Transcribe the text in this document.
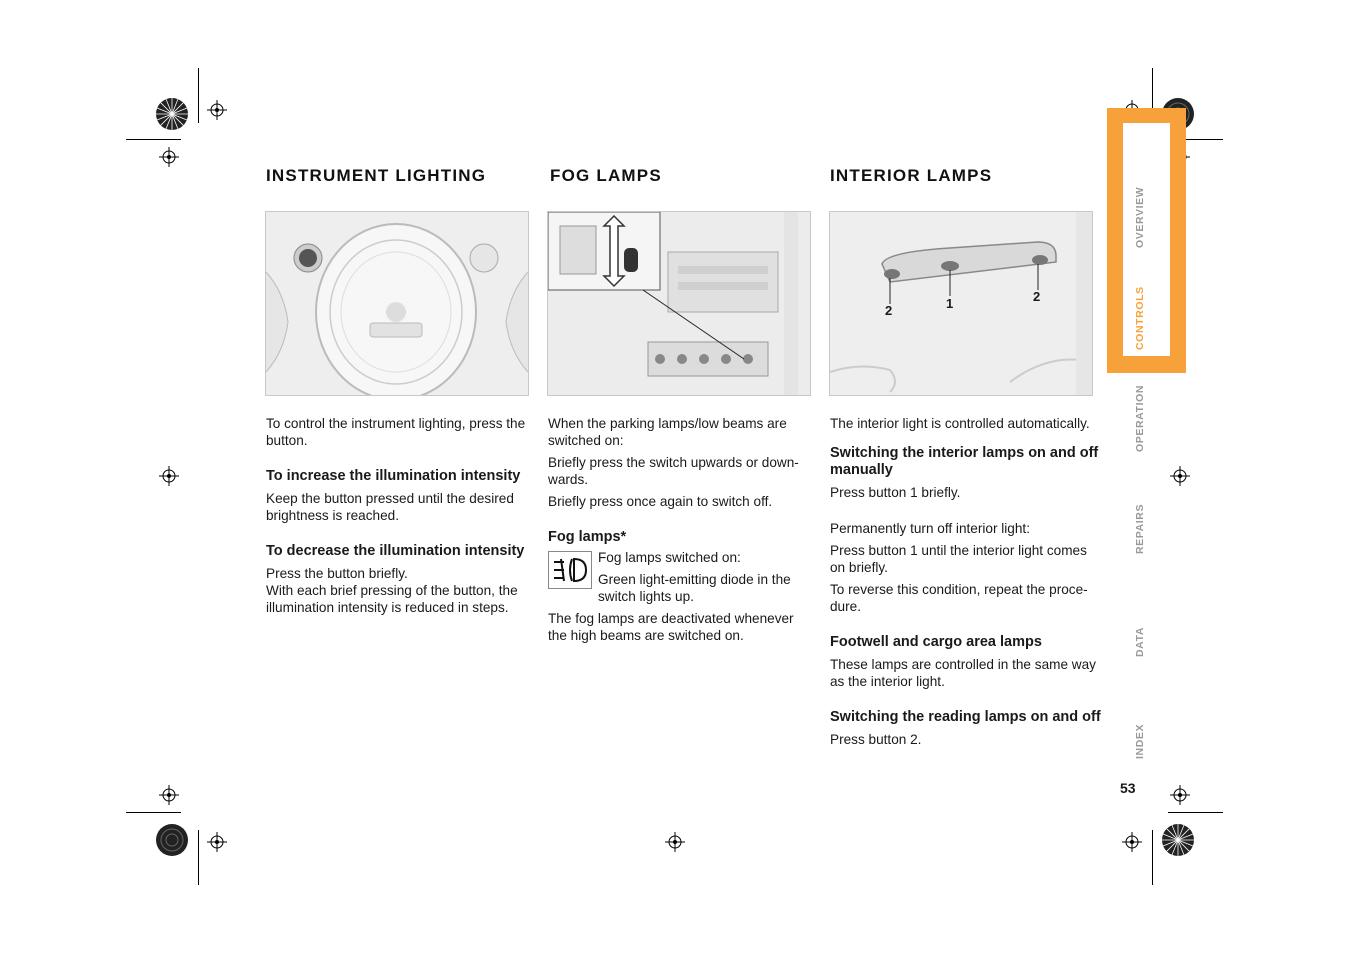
INSTRUMENT LIGHTING	FOG LAMPS	INTERIOR LAMPS
2	1	2

To control the instrument lighting, press the button.

To increase the illumination intensity

Keep the button pressed until the desired brightness is reached.

To decrease the illumination intensity

Press the button briefly.

With each brief pressing of the button, the illumination intensity is reduced in steps.

When the parking lamps/low beams are switched on:

Briefly press the switch upwards or down-wards.

Briefly press once again to switch off.

Fog lamps*

Fog lamps switched on:

Green light-emitting diode in the switch lights up.

The fog lamps are deactivated whenever the high beams are switched on.

The interior light is controlled automatically.

Switching the interior lamps on and off manually

Press button 1 briefly.

Permanently turn off interior light:

Press button 1 until the interior light comes on briefly.

To reverse this condition, repeat the proce-dure.

Footwell and cargo area lamps

These lamps are controlled in the same way as the interior light.

Switching the reading lamps on and off

Press button 2.

OVERVIEW
CONTROLS
OPERATION
REPAIRS
DATA
INDEX
53
